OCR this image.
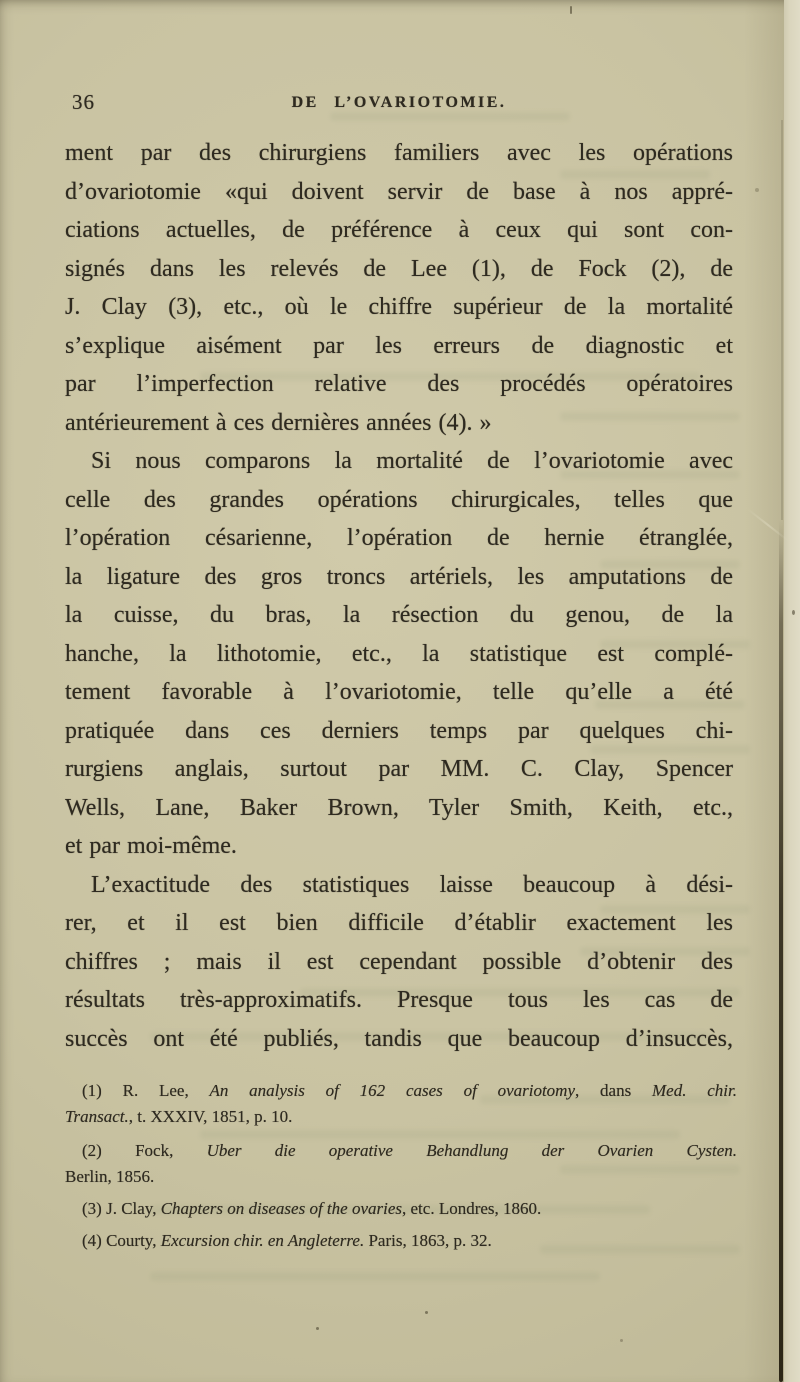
36	DE L’OVARIOTOMIE.
ment par des chirurgiens familiers avec les opérations
d’ovariotomie «qui doivent servir de base à nos appré-
ciations actuelles, de préférence à ceux qui sont con-
signés dans les relevés de Lee (1), de Fock (2), de
J. Clay (3), etc., où le chiffre supérieur de la mortalité
s’explique aisément par les erreurs de diagnostic et
par l’imperfection relative des procédés opératoires
antérieurement à ces dernières années (4). »
Si nous comparons la mortalité de l’ovariotomie avec
celle des grandes opérations chirurgicales, telles que
l’opération césarienne, l’opération de hernie étranglée,
la ligature des gros troncs artériels, les amputations de
la cuisse, du bras, la résection du genou, de la
hanche, la lithotomie, etc., la statistique est complé-
tement favorable à l’ovariotomie, telle qu’elle a été
pratiquée dans ces derniers temps par quelques chi-
rurgiens anglais, surtout par MM. C. Clay, Spencer
Wells, Lane, Baker Brown, Tyler Smith, Keith, etc.,
et par moi-même.
L’exactitude des statistiques laisse beaucoup à dési-
rer, et il est bien difficile d’établir exactement les
chiffres ; mais il est cependant possible d’obtenir des
résultats très-approximatifs. Presque tous les cas de
succès ont été publiés, tandis que beaucoup d’insuccès,
(1) R. Lee, An analysis of 162 cases of ovariotomy, dans Med. chir.
Transact., t. XXXIV, 1851, p. 10.
(2) Fock, Uber die operative Behandlung der Ovarien Cysten.
Berlin, 1856.
(3) J. Clay, Chapters on diseases of the ovaries, etc. Londres, 1860.
(4) Courty, Excursion chir. en Angleterre. Paris, 1863, p. 32.
